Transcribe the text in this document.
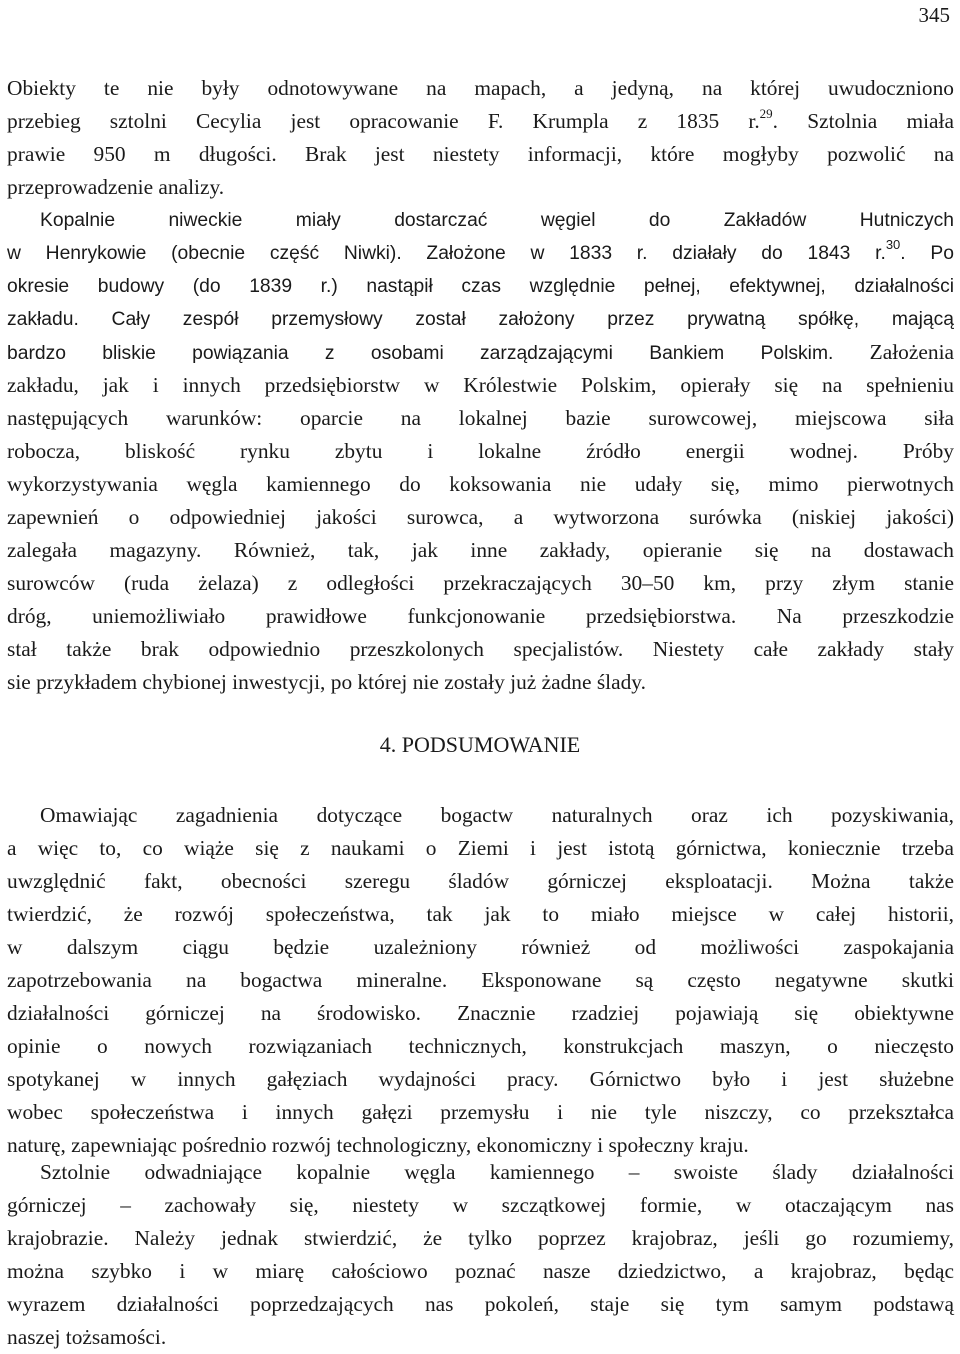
345
Obiekty te nie były odnotowywane na mapach, a jedyną, na której uwudoczniono
przebieg sztolni Cecylia jest opracowanie F. Krumpla z 1835 r.$^{29}$. Sztolnia miała
prawie 950 m długości. Brak jest niestety informacji, które mogłyby pozwolić na
przeprowadzenie analizy.
Kopalnie niweckie miały dostarczać węgiel do Zakładów Hutniczych
w Henrykowie (obecnie część Niwki). Założone w 1833 r. działały do 1843 r.$^{30}$. Po
okresie budowy (do 1839 r.) nastąpił czas względnie pełnej, efektywnej, działalności
zakładu. Cały zespół przemysłowy został założony przez prywatną spółkę, mającą
bardzo bliskie powiązania z osobami zarządzającymi Bankiem Polskim. Założenia
zakładu, jak i innych przedsiębiorstw w Królestwie Polskim, opierały się na spełnieniu
następujących warunków: oparcie na lokalnej bazie surowcowej, miejscowa siła
robocza, bliskość rynku zbytu i lokalne źródło energii wodnej. Próby
wykorzystywania węgla kamiennego do koksowania nie udały się, mimo pierwotnych
zapewnień o odpowiedniej jakości surowca, a wytworzona surówka (niskiej jakości)
zalegała magazyny. Również, tak, jak inne zakłady, opieranie się na dostawach
surowców (ruda żelaza) z odległości przekraczających 30–50 km, przy złym stanie
dróg, uniemożliwiało prawidłowe funkcjonowanie przedsiębiorstwa. Na przeszkodzie
stał także brak odpowiednio przeszkolonych specjalistów. Niestety całe zakłady stały
sie przykładem chybionej inwestycji, po której nie zostały już żadne ślady.
4. PODSUMOWANIE
Omawiając zagadnienia dotyczące bogactw naturalnych oraz ich pozyskiwania,
a więc to, co wiąże się z naukami o Ziemi i jest istotą górnictwa, koniecznie trzeba
uwzględnić fakt, obecności szeregu śladów górniczej eksploatacji. Można także
twierdzić, że rozwój społeczeństwa, tak jak to miało miejsce w całej historii,
w dalszym ciągu będzie uzależniony również od możliwości zaspokajania
zapotrzebowania na bogactwa mineralne. Eksponowane są często negatywne skutki
działalności górniczej na środowisko. Znacznie rzadziej pojawiają się obiektywne
opinie o nowych rozwiązaniach technicznych, konstrukcjach maszyn, o nieczęsto
spotykanej w innych gałęziach wydajności pracy. Górnictwo było i jest służebne
wobec społeczeństwa i innych gałęzi przemysłu i nie tyle niszczy, co przekształca
naturę, zapewniając pośrednio rozwój technologiczny, ekonomiczny i społeczny kraju.
Sztolnie odwadniające kopalnie węgla kamiennego – swoiste ślady działalności
górniczej – zachowały się, niestety w szczątkowej formie, w otaczającym nas
krajobrazie. Należy jednak stwierdzić, że tylko poprzez krajobraz, jeśli go rozumiemy,
można szybko i w miarę całościowo poznać nasze dziedzictwo, a krajobraz, będąc
wyrazem działalności poprzedzających nas pokoleń, staje się tym samym podstawą
naszej tożsamości.
